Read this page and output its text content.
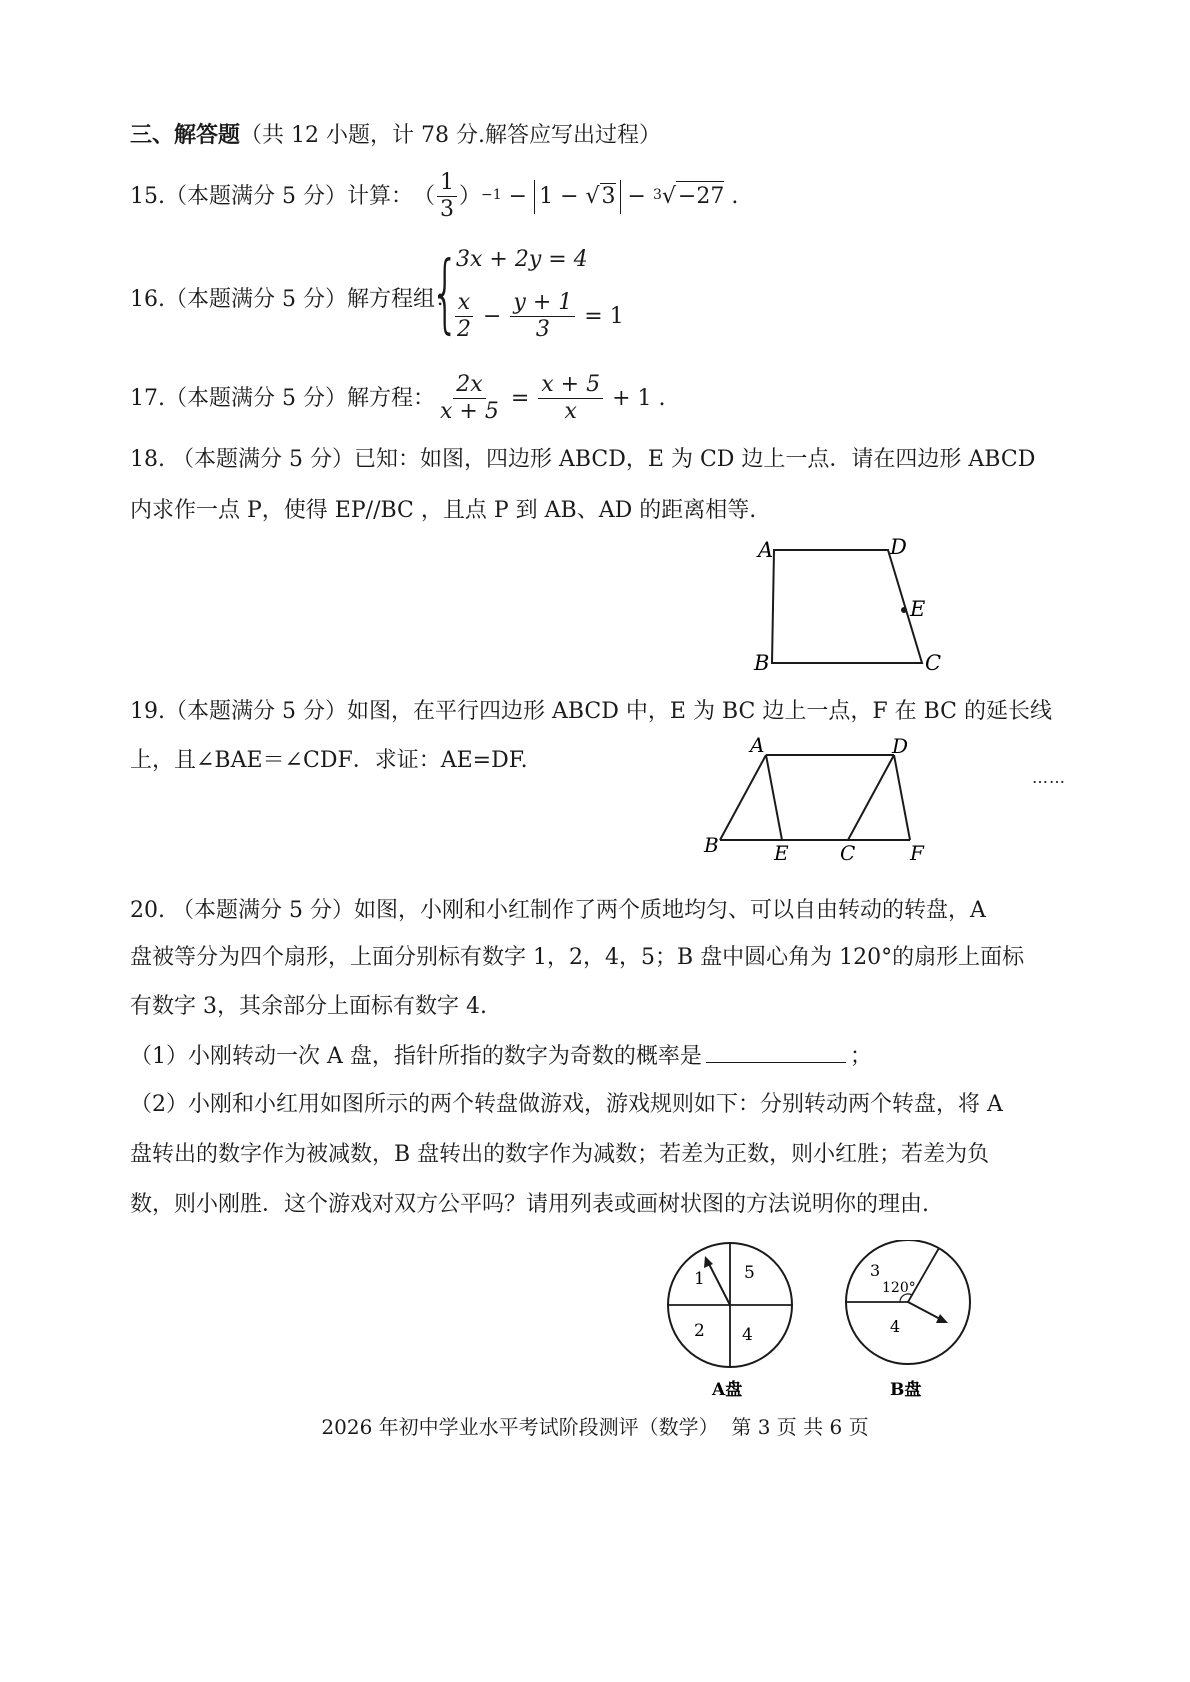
三、解答题（共 12 小题，计 78 分.解答应写出过程）
15. （本题满分 5 分） 计算： （ $\frac{1}{3}$ ） −1 − 1 − √3 − 3 √ −27 .
16.（本题满分 5 分）解方程组：
{
3x + 2y = 4
$\frac{x}{2} - \frac{y + 1}{3} = 1$
17. （本题满分 5 分） 解方程： $\frac{2x}{x + 5} = \frac{x + 5}{x} + 1$ .
18. （本题满分 5 分）已知：如图，四边形 ABCD，E 为 CD 边上一点．请在四边形 ABCD
内求作一点 P，使得 EP//BC ，且点 P 到 AB、AD 的距离相等.
A	D
E
B	C
19.（本题满分 5 分）如图，在平行四边形 ABCD 中，E 为 BC 边上一点，F 在 BC 的延长线
上，且∠BAE＝∠CDF．求证：AE=DF.
A	D
B	E	C	F
……
20. （本题满分 5 分）如图，小刚和小红制作了两个质地均匀、可以自由转动的转盘，A
盘被等分为四个扇形，上面分别标有数字 1，2，4，5；B 盘中圆心角为 120°的扇形上面标
有数字 3，其余部分上面标有数字 4.
（1）小刚转动一次 A 盘，指针所指的数字为奇数的概率是	；
（2）小刚和小红用如图所示的两个转盘做游戏，游戏规则如下：分别转动两个转盘，将 A
盘转出的数字作为被减数，B 盘转出的数字作为减数；若差为正数，则小红胜；若差为负
数，则小刚胜．这个游戏对双方公平吗？请用列表或画树状图的方法说明你的理由.
1 5
2 4
A盘
3
120°
4
B盘
2026 年初中学业水平考试阶段测评（数学）  第 3 页 共 6 页
